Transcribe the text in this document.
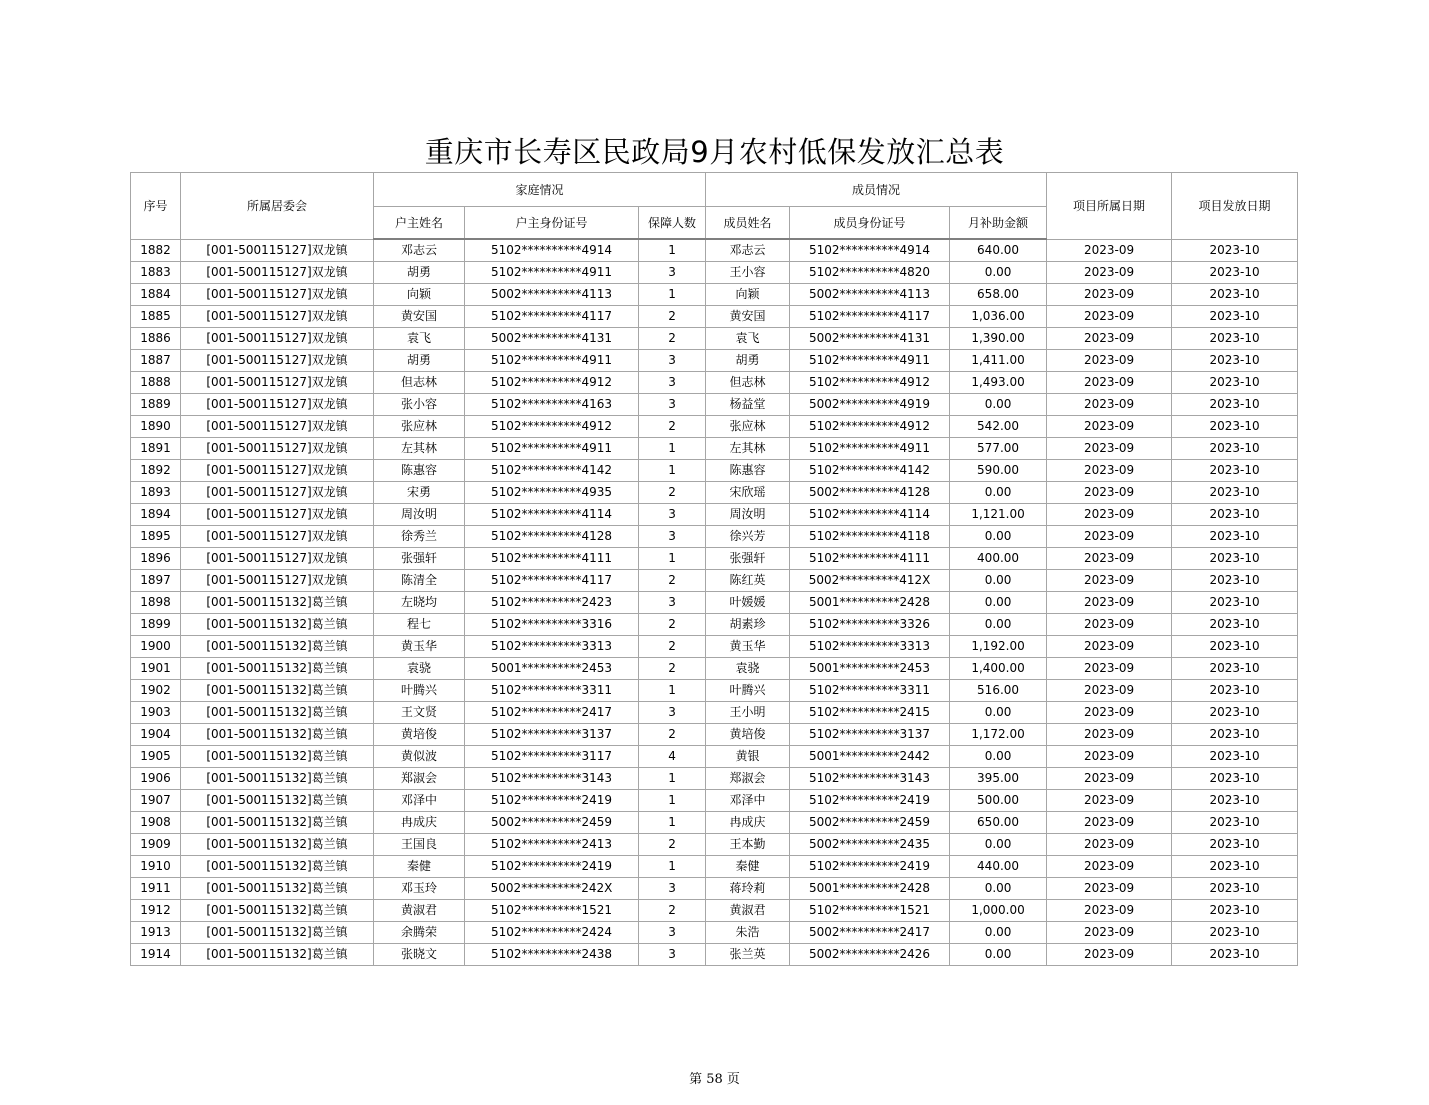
重庆市长寿区民政局9月农村低保发放汇总表
序号	所属居委会	家庭情况			成员情况			项目所属日期	项目发放日期
		户主姓名	户主身份证号	保障人数	成员姓名	成员身份证号	月补助金额		
1882	[001-500115127]双龙镇	邓志云	5102**********4914	1	邓志云	5102**********4914	640.00	2023-09	2023-10
1883	[001-500115127]双龙镇	胡勇	5102**********4911	3	王小容	5102**********4820	0.00	2023-09	2023-10
1884	[001-500115127]双龙镇	向颖	5002**********4113	1	向颖	5002**********4113	658.00	2023-09	2023-10
1885	[001-500115127]双龙镇	黄安国	5102**********4117	2	黄安国	5102**********4117	1,036.00	2023-09	2023-10
1886	[001-500115127]双龙镇	袁飞	5002**********4131	2	袁飞	5002**********4131	1,390.00	2023-09	2023-10
1887	[001-500115127]双龙镇	胡勇	5102**********4911	3	胡勇	5102**********4911	1,411.00	2023-09	2023-10
1888	[001-500115127]双龙镇	但志林	5102**********4912	3	但志林	5102**********4912	1,493.00	2023-09	2023-10
1889	[001-500115127]双龙镇	张小容	5102**********4163	3	杨益堂	5002**********4919	0.00	2023-09	2023-10
1890	[001-500115127]双龙镇	张应林	5102**********4912	2	张应林	5102**********4912	542.00	2023-09	2023-10
1891	[001-500115127]双龙镇	左其林	5102**********4911	1	左其林	5102**********4911	577.00	2023-09	2023-10
1892	[001-500115127]双龙镇	陈惠容	5102**********4142	1	陈惠容	5102**********4142	590.00	2023-09	2023-10
1893	[001-500115127]双龙镇	宋勇	5102**********4935	2	宋欣瑶	5002**********4128	0.00	2023-09	2023-10
1894	[001-500115127]双龙镇	周汝明	5102**********4114	3	周汝明	5102**********4114	1,121.00	2023-09	2023-10
1895	[001-500115127]双龙镇	徐秀兰	5102**********4128	3	徐兴芳	5102**********4118	0.00	2023-09	2023-10
1896	[001-500115127]双龙镇	张强轩	5102**********4111	1	张强轩	5102**********4111	400.00	2023-09	2023-10
1897	[001-500115127]双龙镇	陈清全	5102**********4117	2	陈红英	5002**********412X	0.00	2023-09	2023-10
1898	[001-500115132]葛兰镇	左晓均	5102**********2423	3	叶媛媛	5001**********2428	0.00	2023-09	2023-10
1899	[001-500115132]葛兰镇	程七	5102**********3316	2	胡素珍	5102**********3326	0.00	2023-09	2023-10
1900	[001-500115132]葛兰镇	黄玉华	5102**********3313	2	黄玉华	5102**********3313	1,192.00	2023-09	2023-10
1901	[001-500115132]葛兰镇	袁骁	5001**********2453	2	袁骁	5001**********2453	1,400.00	2023-09	2023-10
1902	[001-500115132]葛兰镇	叶腾兴	5102**********3311	1	叶腾兴	5102**********3311	516.00	2023-09	2023-10
1903	[001-500115132]葛兰镇	王文贤	5102**********2417	3	王小明	5102**********2415	0.00	2023-09	2023-10
1904	[001-500115132]葛兰镇	黄培俊	5102**********3137	2	黄培俊	5102**********3137	1,172.00	2023-09	2023-10
1905	[001-500115132]葛兰镇	黄似波	5102**********3117	4	黄银	5001**********2442	0.00	2023-09	2023-10
1906	[001-500115132]葛兰镇	郑淑会	5102**********3143	1	郑淑会	5102**********3143	395.00	2023-09	2023-10
1907	[001-500115132]葛兰镇	邓泽中	5102**********2419	1	邓泽中	5102**********2419	500.00	2023-09	2023-10
1908	[001-500115132]葛兰镇	冉成庆	5002**********2459	1	冉成庆	5002**********2459	650.00	2023-09	2023-10
1909	[001-500115132]葛兰镇	王国良	5102**********2413	2	王本勤	5002**********2435	0.00	2023-09	2023-10
1910	[001-500115132]葛兰镇	秦健	5102**********2419	1	秦健	5102**********2419	440.00	2023-09	2023-10
1911	[001-500115132]葛兰镇	邓玉玲	5002**********242X	3	蒋玲莉	5001**********2428	0.00	2023-09	2023-10
1912	[001-500115132]葛兰镇	黄淑君	5102**********1521	2	黄淑君	5102**********1521	1,000.00	2023-09	2023-10
1913	[001-500115132]葛兰镇	余腾荣	5102**********2424	3	朱浩	5002**********2417	0.00	2023-09	2023-10
1914	[001-500115132]葛兰镇	张晓文	5102**********2438	3	张兰英	5002**********2426	0.00	2023-09	2023-10
第 58 页
